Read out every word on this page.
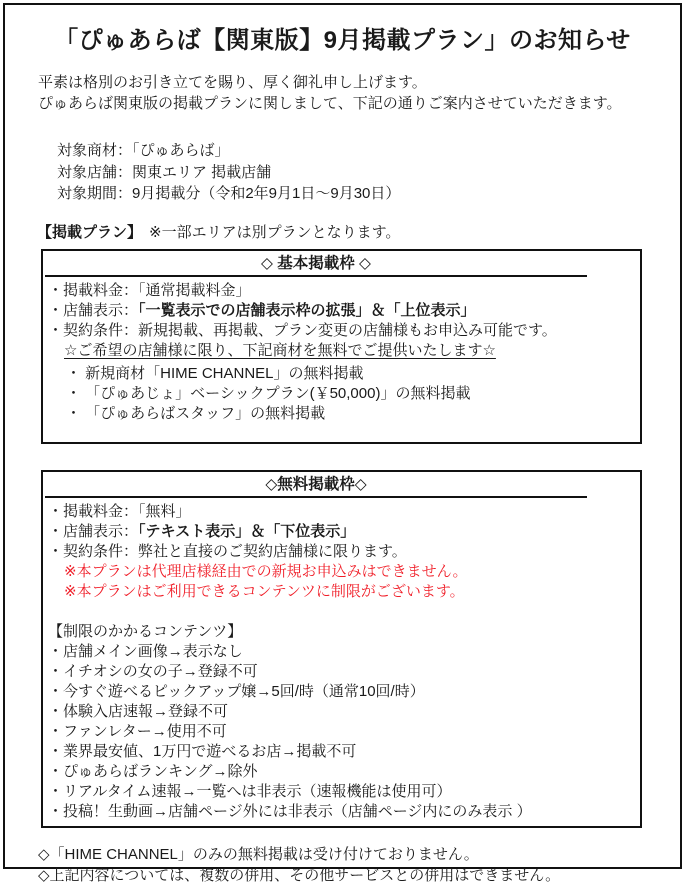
「ぴゅあらば【関東版】9月掲載プラン」のお知らせ
平素は格別のお引き立てを賜り、厚く御礼申し上げます。
ぴゅあらば関東版の掲載プランに関しまして、下記の通りご案内させていただきます。
対象商材：「ぴゅあらば」
対象店舗：関東エリア 掲載店舗
対象期間：9月掲載分（令和2年9月1日～9月30日）
【掲載プラン】 ※一部エリアは別プランとなります。
◇ 基本掲載枠 ◇
・掲載料金：「通常掲載料金」
・店舗表示：「一覧表示での店舗表示枠の拡張」＆「上位表示」
・契約条件：新規掲載、再掲載、プラン変更の店舗様もお申込み可能です。
☆ご希望の店舗様に限り、下記商材を無料でご提供いたします☆
・ 新規商材「HIME CHANNEL」の無料掲載
・ 「ぴゅあじょ」ベーシックプラン(￥50,000)」の無料掲載
・ 「ぴゅあらばスタッフ」の無料掲載
◇無料掲載枠◇
・掲載料金：「無料」
・店舗表示：「テキスト表示」＆「下位表示」
・契約条件：弊社と直接のご契約店舗様に限ります。
※本プランは代理店様経由での新規お申込みはできません。
※本プランはご利用できるコンテンツに制限がございます。
【制限のかかるコンテンツ】
・店舗メイン画像→表示なし
・イチオシの女の子→登録不可
・今すぐ遊べるピックアップ嬢→5回/時（通常10回/時）
・体験入店速報→登録不可
・ファンレター→使用不可
・業界最安値、1万円で遊べるお店→掲載不可
・ぴゅあらばランキング→除外
・リアルタイム速報→一覧へは非表示（速報機能は使用可）
・投稿！生動画→店舗ページ外には非表示（店舗ページ内にのみ表示 ）
◇「HIME CHANNEL」のみの無料掲載は受け付けておりません。
◇上記内容については、複数の併用、その他サービスとの併用はできません。
